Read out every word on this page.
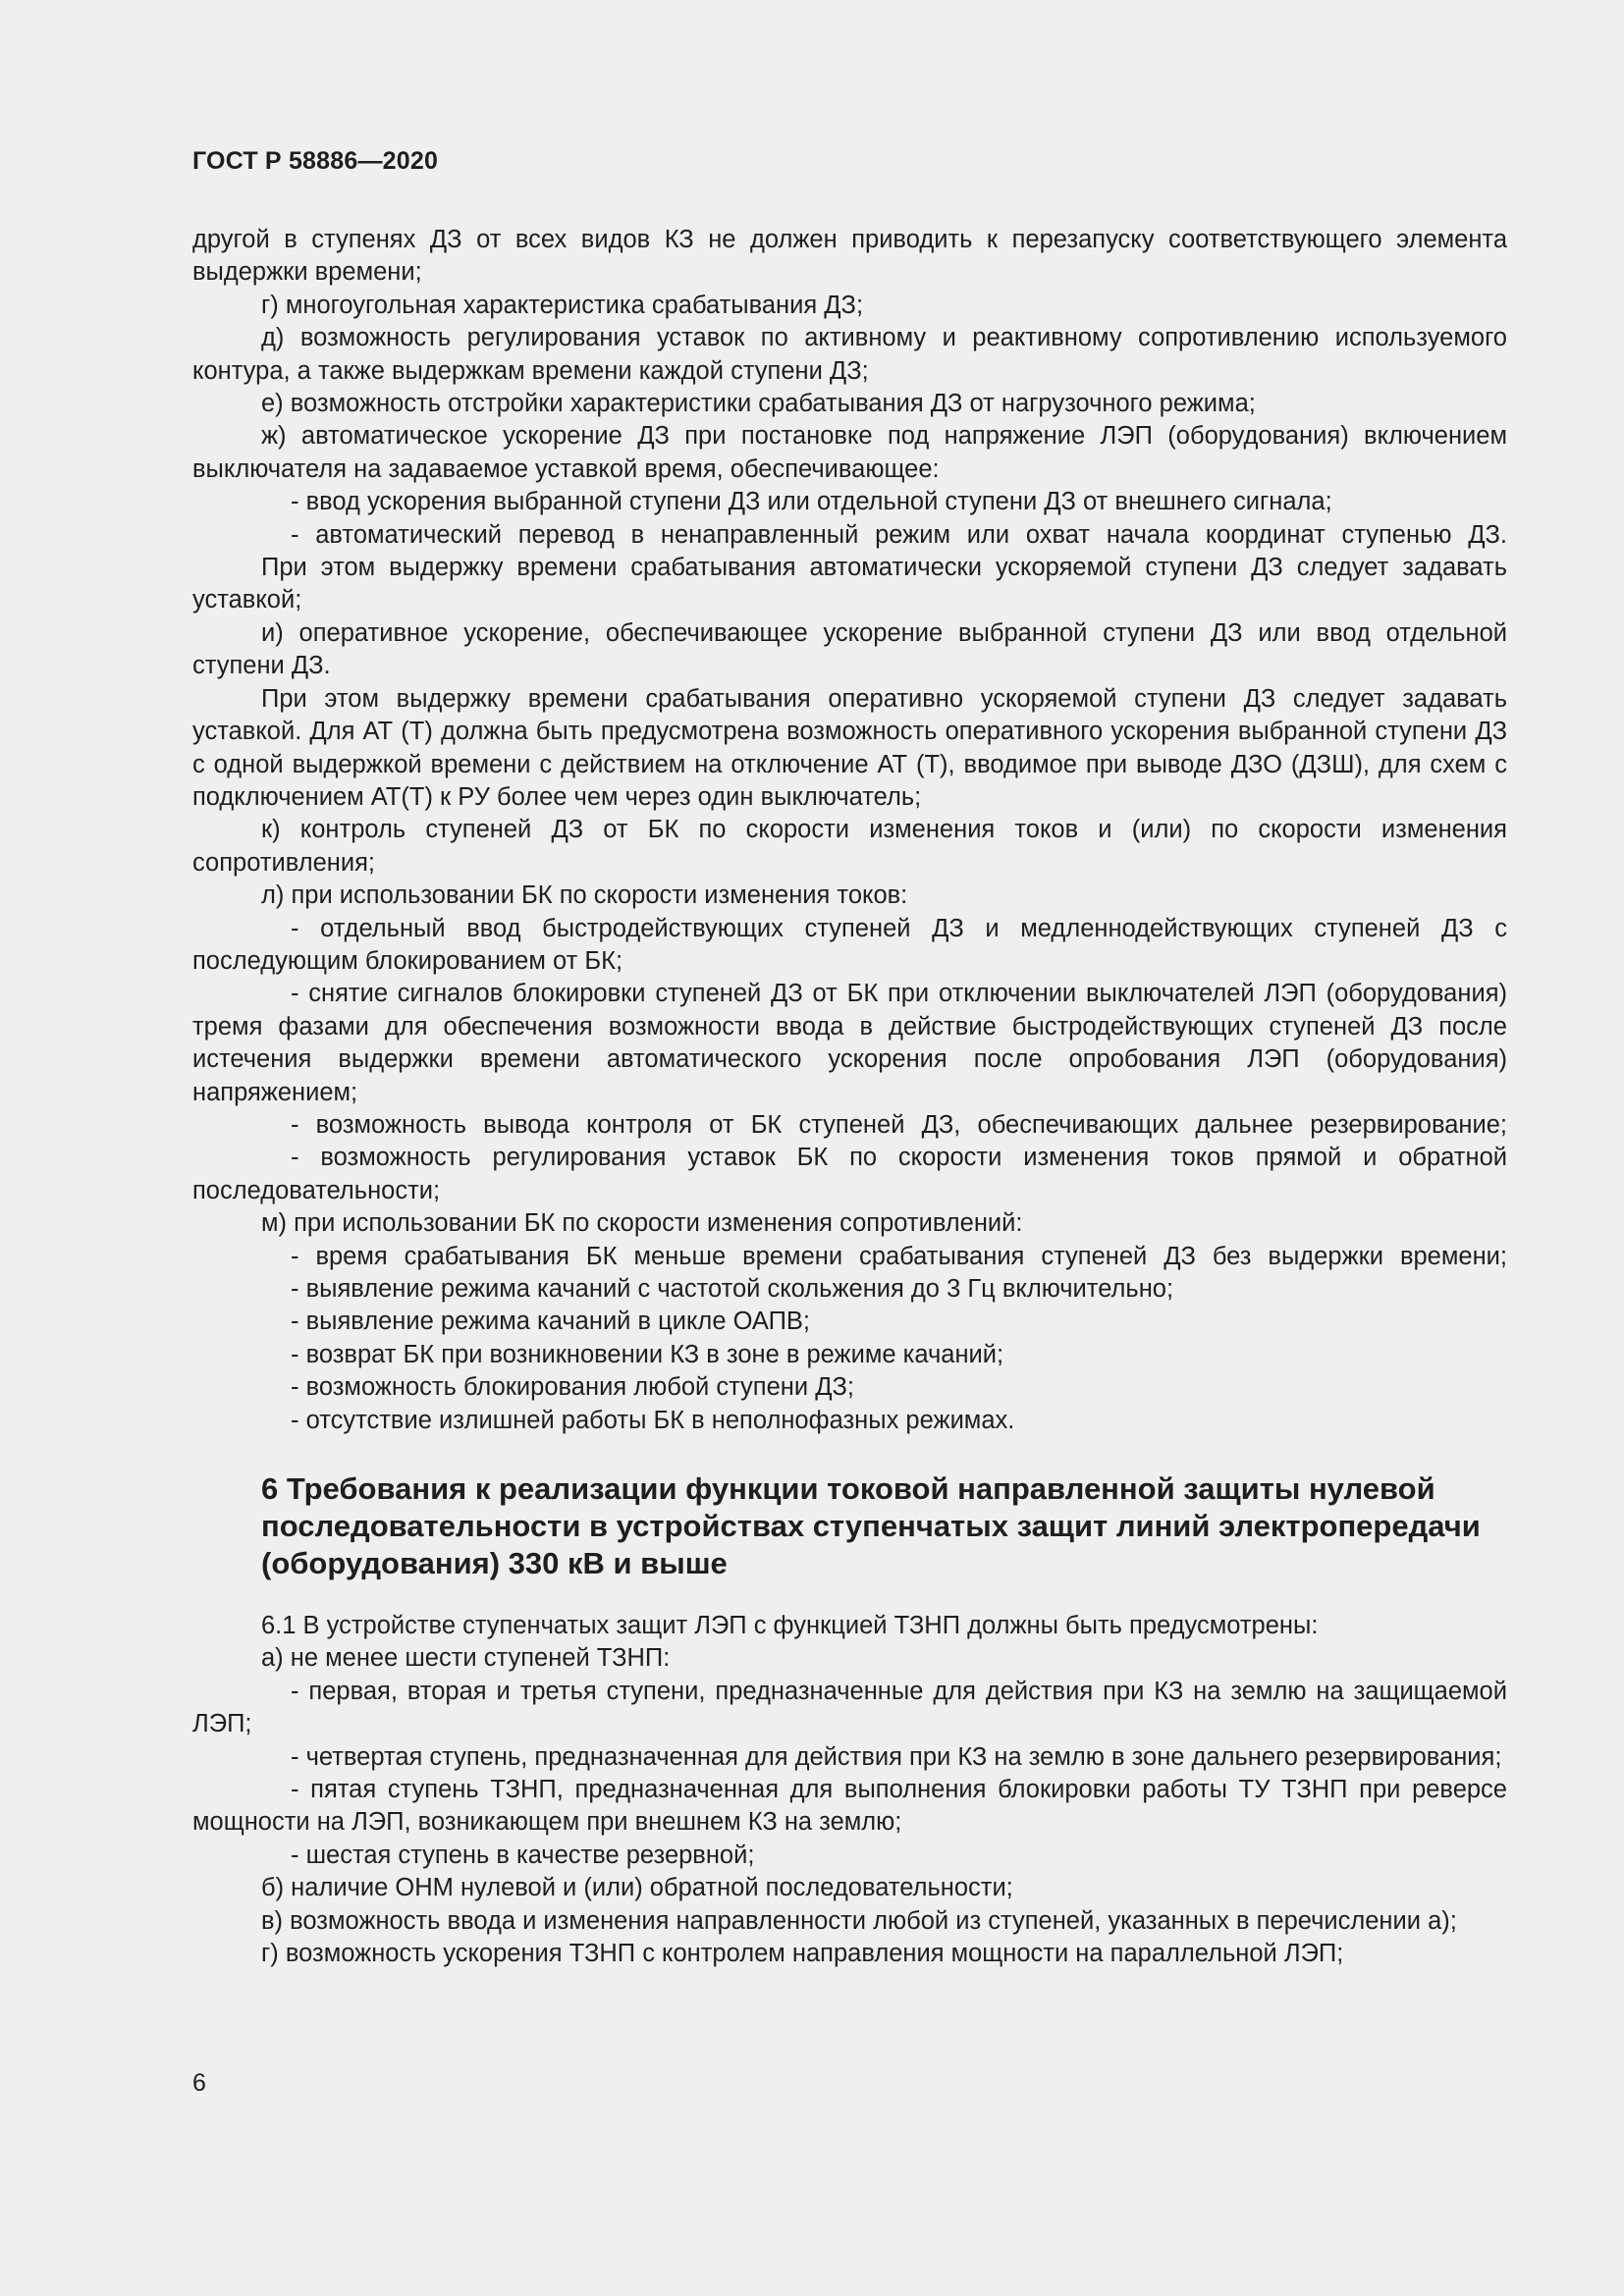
ГОСТ Р 58886—2020

другой в ступенях ДЗ от всех видов КЗ не должен приводить к перезапуску соответствующего элемента выдержки времени;

г) многоугольная характеристика срабатывания ДЗ;

д) возможность регулирования уставок по активному и реактивному сопротивлению используемого контура, а также выдержкам времени каждой ступени ДЗ;

е) возможность отстройки характеристики срабатывания ДЗ от нагрузочного режима;

ж) автоматическое ускорение ДЗ при постановке под напряжение ЛЭП (оборудования) включением выключателя на задаваемое уставкой время, обеспечивающее:

- ввод ускорения выбранной ступени ДЗ или отдельной ступени ДЗ от внешнего сигнала;

- автоматический перевод в ненаправленный режим или охват начала координат ступенью ДЗ.

При этом выдержку времени срабатывания автоматически ускоряемой ступени ДЗ следует задавать уставкой;

и) оперативное ускорение, обеспечивающее ускорение выбранной ступени ДЗ или ввод отдельной ступени ДЗ.

При этом выдержку времени срабатывания оперативно ускоряемой ступени ДЗ следует задавать уставкой. Для АТ (Т) должна быть предусмотрена возможность оперативного ускорения выбранной ступени ДЗ с одной выдержкой времени с действием на отключение АТ (Т), вводимое при выводе ДЗО (ДЗШ), для схем с подключением АТ(Т) к РУ более чем через один выключатель;

к) контроль ступеней ДЗ от БК по скорости изменения токов и (или) по скорости изменения сопротивления;

л) при использовании БК по скорости изменения токов:

- отдельный ввод быстродействующих ступеней ДЗ и медленнодействующих ступеней ДЗ с последующим блокированием от БК;

- снятие сигналов блокировки ступеней ДЗ от БК при отключении выключателей ЛЭП (оборудования) тремя фазами для обеспечения возможности ввода в действие быстродействующих ступеней ДЗ после истечения выдержки времени автоматического ускорения после опробования ЛЭП (оборудования) напряжением;

- возможность вывода контроля от БК ступеней ДЗ, обеспечивающих дальнее резервирование;

- возможность регулирования уставок БК по скорости изменения токов прямой и обратной последовательности;

м) при использовании БК по скорости изменения сопротивлений:

- время срабатывания БК меньше времени срабатывания ступеней ДЗ без выдержки времени;

- выявление режима качаний с частотой скольжения до 3 Гц включительно;

- выявление режима качаний в цикле ОАПВ;

- возврат БК при возникновении КЗ в зоне в режиме качаний;

- возможность блокирования любой ступени ДЗ;

- отсутствие излишней работы БК в неполнофазных режимах.

6 Требования к реализации функции токовой направленной защиты нулевой последовательности в устройствах ступенчатых защит линий электропередачи (оборудования) 330 кВ и выше

6.1 В устройстве ступенчатых защит ЛЭП с функцией ТЗНП должны быть предусмотрены:

а) не менее шести ступеней ТЗНП:

- первая, вторая и третья ступени, предназначенные для действия при КЗ на землю на защищаемой ЛЭП;

- четвертая ступень, предназначенная для действия при КЗ на землю в зоне дальнего резервирования;

- пятая ступень ТЗНП, предназначенная для выполнения блокировки работы ТУ ТЗНП при реверсе мощности на ЛЭП, возникающем при внешнем КЗ на землю;

- шестая ступень в качестве резервной;

б) наличие ОНМ нулевой и (или) обратной последовательности;

в) возможность ввода и изменения направленности любой из ступеней, указанных в перечислении а);

г) возможность ускорения ТЗНП с контролем направления мощности на параллельной ЛЭП;

6
